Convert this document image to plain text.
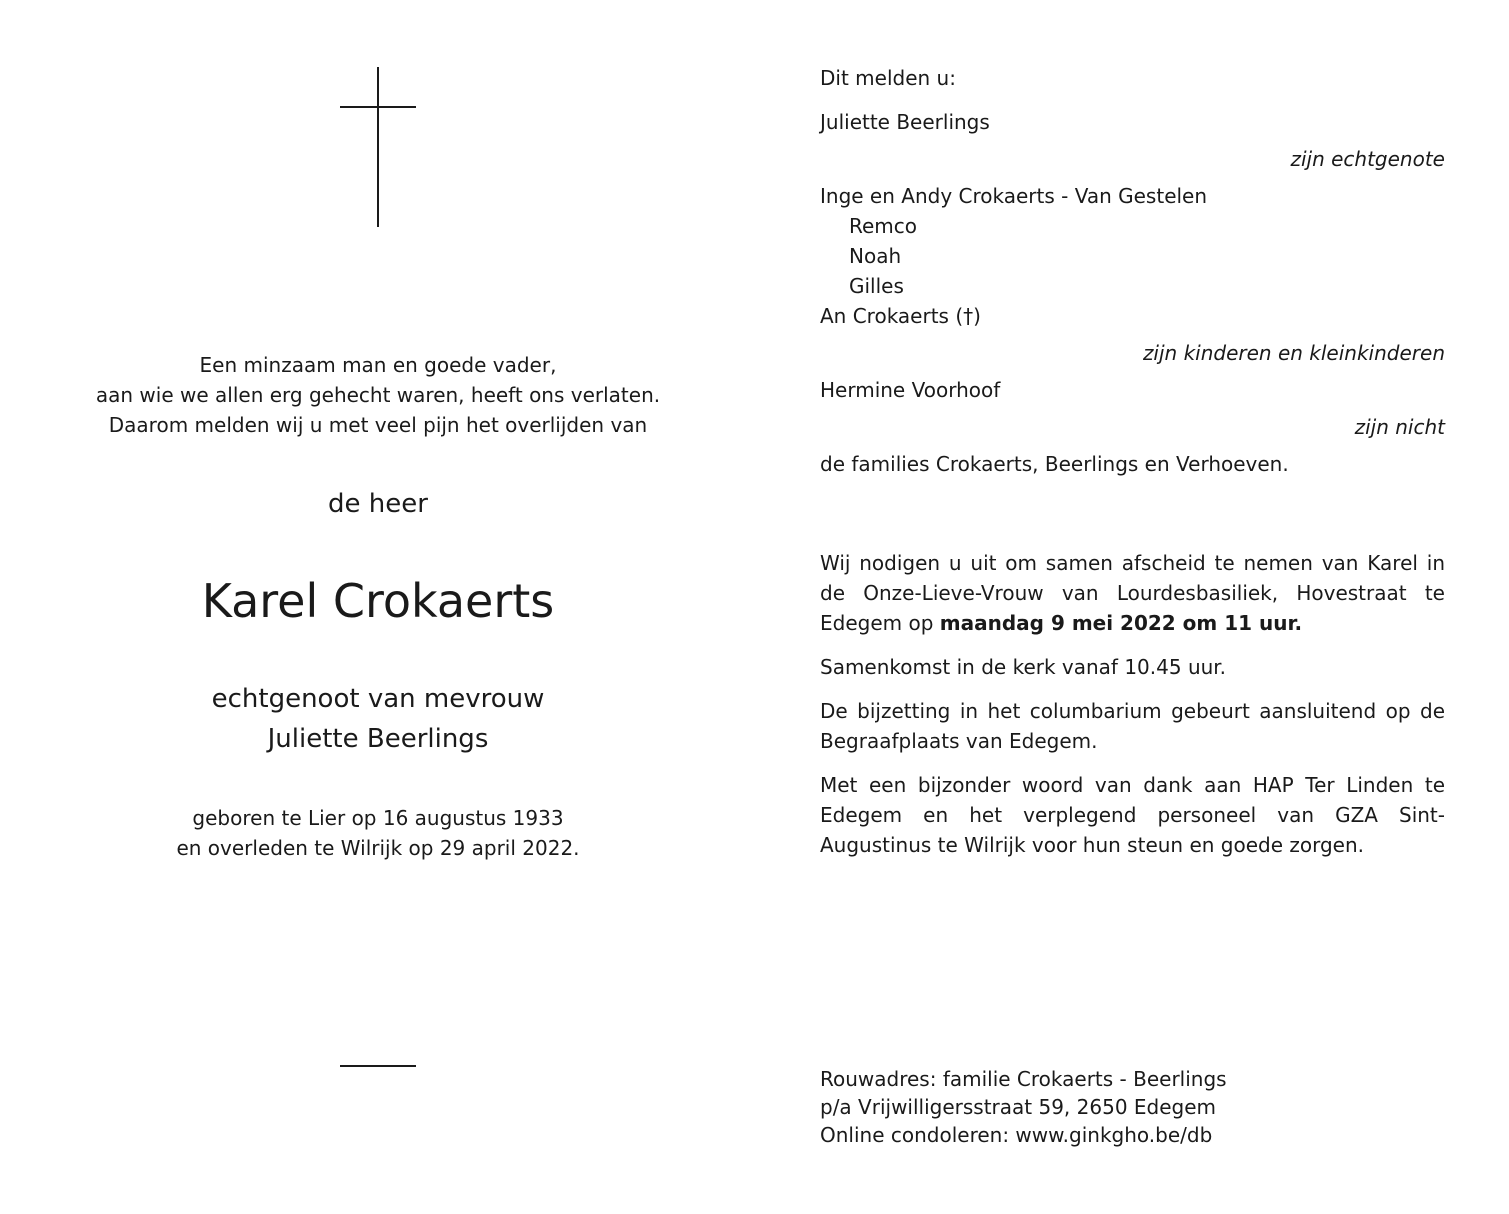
Een minzaam man en goede vader,
aan wie we allen erg gehecht waren, heeft ons verlaten.
Daarom melden wij u met veel pijn het overlijden van
de heer
Karel Crokaerts
echtgenoot van mevrouw
Juliette Beerlings
geboren te Lier op 16 augustus 1933
en overleden te Wilrijk op 29 april 2022.
Dit melden u:
Juliette Beerlings
zijn echtgenote
Inge en Andy Crokaerts - Van Gestelen
Remco
Noah
Gilles
An Crokaerts (†)
zijn kinderen en kleinkinderen
Hermine Voorhoof
zijn nicht
de families Crokaerts, Beerlings en Verhoeven.
Wij nodigen u uit om samen afscheid te nemen van Karel in de Onze-Lieve-Vrouw van Lourdesbasiliek, Hovestraat te Edegem op maandag 9 mei 2022 om 11 uur.
Samenkomst in de kerk vanaf 10.45 uur.
De bijzetting in het columbarium gebeurt aansluitend op de Begraafplaats van Edegem.
Met een bijzonder woord van dank aan HAP Ter Linden te Edegem en het verplegend personeel van GZA Sint-Augustinus te Wilrijk voor hun steun en goede zorgen.
Rouwadres: familie Crokaerts - Beerlings
p/a Vrijwilligersstraat 59, 2650 Edegem
Online condoleren: www.ginkgho.be/db
